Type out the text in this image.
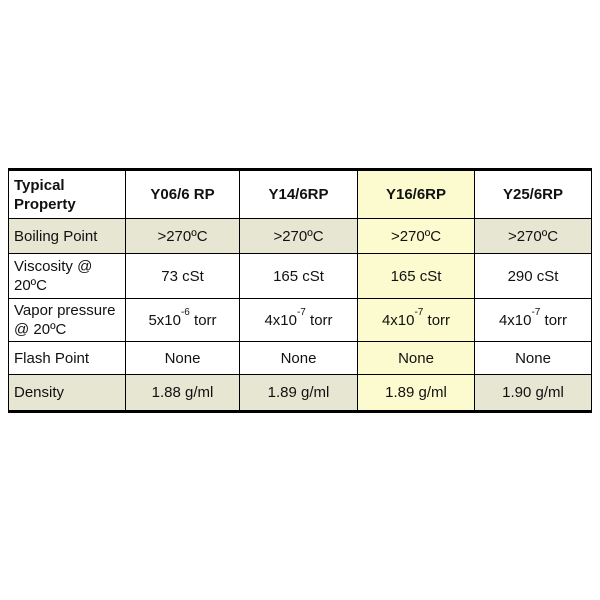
Typical Property	Y06/6 RP	Y14/6RP	Y16/6RP	Y25/6RP
Boiling Point	>270ºC	>270ºC	>270ºC	>270ºC
Viscosity @ 20ºC	73 cSt	165 cSt	165 cSt	290 cSt
Vapor pressure @ 20ºC	$5x10^{-6}$ torr	$4x10^{-7}$ torr	$4x10^{-7}$ torr	$4x10^{-7}$ torr
Flash Point	None	None	None	None
Density	1.88 g/ml	1.89 g/ml	1.89 g/ml	1.90 g/ml
